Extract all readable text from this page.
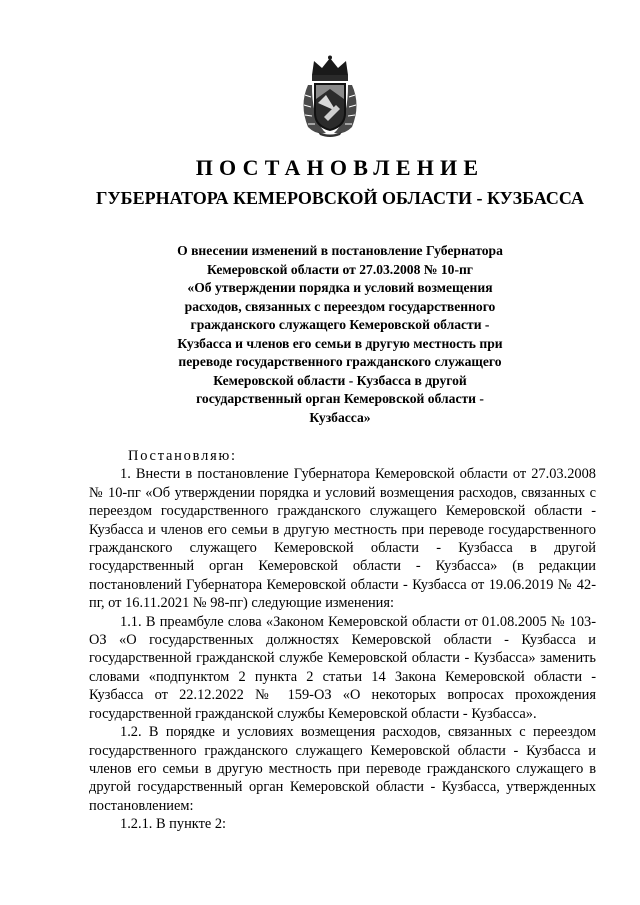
ПОСТАНОВЛЕНИЕ
ГУБЕРНАТОРА КЕМЕРОВСКОЙ ОБЛАСТИ - КУЗБАССА
О внесении изменений в постановление Губернатора
Кемеровской области от 27.03.2008 № 10-пг
«Об утверждении порядка и условий возмещения
расходов, связанных с переездом государственного
гражданского служащего Кемеровской области -
Кузбасса и членов его семьи в другую местность при
переводе государственного гражданского служащего
Кемеровской области - Кузбасса в другой
государственный орган Кемеровской области -
Кузбасса»

Постановляю:

1. Внести в постановление Губернатора Кемеровской области от 27.03.2008 № 10-пг «Об утверждении порядка и условий возмещения расходов, связанных с переездом государственного гражданского служащего Кемеровской области - Кузбасса и членов его семьи в другую местность при переводе государственного гражданского служащего Кемеровской области - Кузбасса в другой государственный орган Кемеровской области - Кузбасса» (в редакции постановлений Губернатора Кемеровской области - Кузбасса от 19.06.2019 № 42-пг, от 16.11.2021 № 98-пг) следующие изменения:

1.1. В преамбуле слова «Законом Кемеровской области от 01.08.2005 № 103-ОЗ «О государственных должностях Кемеровской области - Кузбасса и государственной гражданской службе Кемеровской области - Кузбасса» заменить словами «подпунктом 2 пункта 2 статьи 14 Закона Кемеровской области - Кузбасса от 22.12.2022 № 159-ОЗ «О некоторых вопросах прохождения государственной гражданской службы Кемеровской области - Кузбасса».

1.2. В порядке и условиях возмещения расходов, связанных с переездом государственного гражданского служащего Кемеровской области - Кузбасса и членов его семьи в другую местность при переводе гражданского служащего в другой государственный орган Кемеровской области - Кузбасса, утвержденных постановлением:

1.2.1. В пункте 2:
